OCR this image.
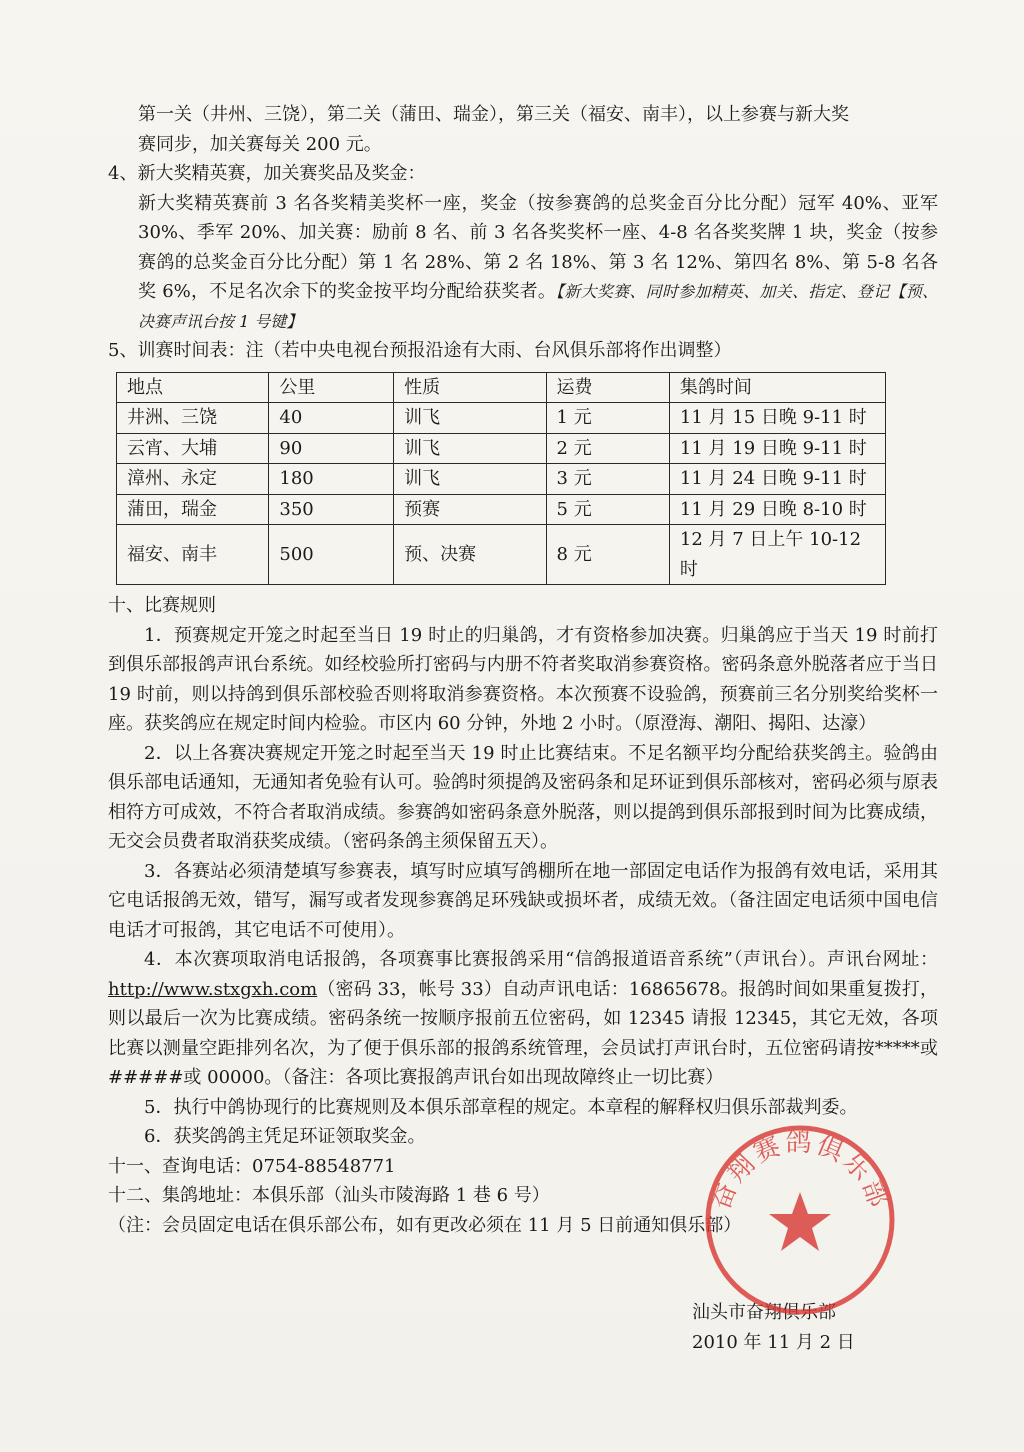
第一关（井州、三饶），第二关（蒲田、瑞金），第三关（福安、南丰），以上参赛与新大奖

赛同步，加关赛每关 200 元。

4、新大奖精英赛，加关赛奖品及奖金：

新大奖精英赛前 3 名各奖精美奖杯一座，奖金（按参赛鸽的总奖金百分比分配）冠军 40%、亚军 30%、季军 20%、加关赛：励前 8 名、前 3 名各奖奖杯一座、4-8 名各奖奖牌 1 块，奖金（按参赛鸽的总奖金百分比分配）第 1 名 28%、第 2 名 18%、第 3 名 12%、第四名 8%、第 5-8 名各奖 6%，不足名次余下的奖金按平均分配给获奖者。【新大奖赛、同时参加精英、加关、指定、登记【预、决赛声讯台按 1 号键】

5、训赛时间表：注（若中央电视台预报沿途有大雨、台风俱乐部将作出调整）

地点	公里	性质	运费	集鸽时间
井洲、三饶	40	训飞	1 元	11 月 15 日晚 9-11 时
云宵、大埔	90	训飞	2 元	11 月 19 日晚 9-11 时
漳州、永定	180	训飞	3 元	11 月 24 日晚 9-11 时
蒲田，瑞金	350	预赛	5 元	11 月 29 日晚 8-10 时
福安、南丰	500	预、决赛	8 元	12 月 7 日上午 10-12 时

十、比赛规则

1．预赛规定开笼之时起至当日 19 时止的归巢鸽，才有资格参加决赛。归巢鸽应于当天 19 时前打到俱乐部报鸽声讯台系统。如经校验所打密码与内册不符者奖取消参赛资格。密码条意外脱落者应于当日 19 时前，则以持鸽到俱乐部校验否则将取消参赛资格。本次预赛不设验鸽，预赛前三名分别奖给奖杯一座。获奖鸽应在规定时间内检验。市区内 60 分钟，外地 2 小时。（原澄海、潮阳、揭阳、达濠）

2．以上各赛决赛规定开笼之时起至当天 19 时止比赛结束。不足名额平均分配给获奖鸽主。验鸽由俱乐部电话通知，无通知者免验有认可。验鸽时须提鸽及密码条和足环证到俱乐部核对，密码必须与原表相符方可成效，不符合者取消成绩。参赛鸽如密码条意外脱落，则以提鸽到俱乐部报到时间为比赛成绩，无交会员费者取消获奖成绩。（密码条鸽主须保留五天）。

3．各赛站必须清楚填写参赛表，填写时应填写鸽棚所在地一部固定电话作为报鸽有效电话，采用其它电话报鸽无效，错写，漏写或者发现参赛鸽足环残缺或损坏者，成绩无效。（备注固定电话须中国电信电话才可报鸽，其它电话不可使用）。

4．本次赛项取消电话报鸽，各项赛事比赛报鸽采用“信鸽报道语音系统”（声讯台）。声讯台网址：http://www.stxgxh.com（密码 33，帐号 33）自动声讯电话：16865678。报鸽时间如果重复拨打，则以最后一次为比赛成绩。密码条统一按顺序报前五位密码，如 12345 请报 12345，其它无效，各项比赛以测量空距排列名次，为了便于俱乐部的报鸽系统管理，会员试打声讯台时，五位密码请按*****或#####或 00000。（备注：各项比赛报鸽声讯台如出现故障终止一切比赛）

5．执行中鸽协现行的比赛规则及本俱乐部章程的规定。本章程的解释权归俱乐部裁判委。

6．获奖鸽鸽主凭足环证领取奖金。

十一、查询电话：0754-88548771

十二、集鸽地址：本俱乐部（汕头市陵海路 1 巷 6 号）

（注：会员固定电话在俱乐部公布，如有更改必须在 11 月 5 日前通知俱乐部）

汕头市奋翔俱乐部

2010 年 11 月 2 日

奋翔赛鸽俱乐部
